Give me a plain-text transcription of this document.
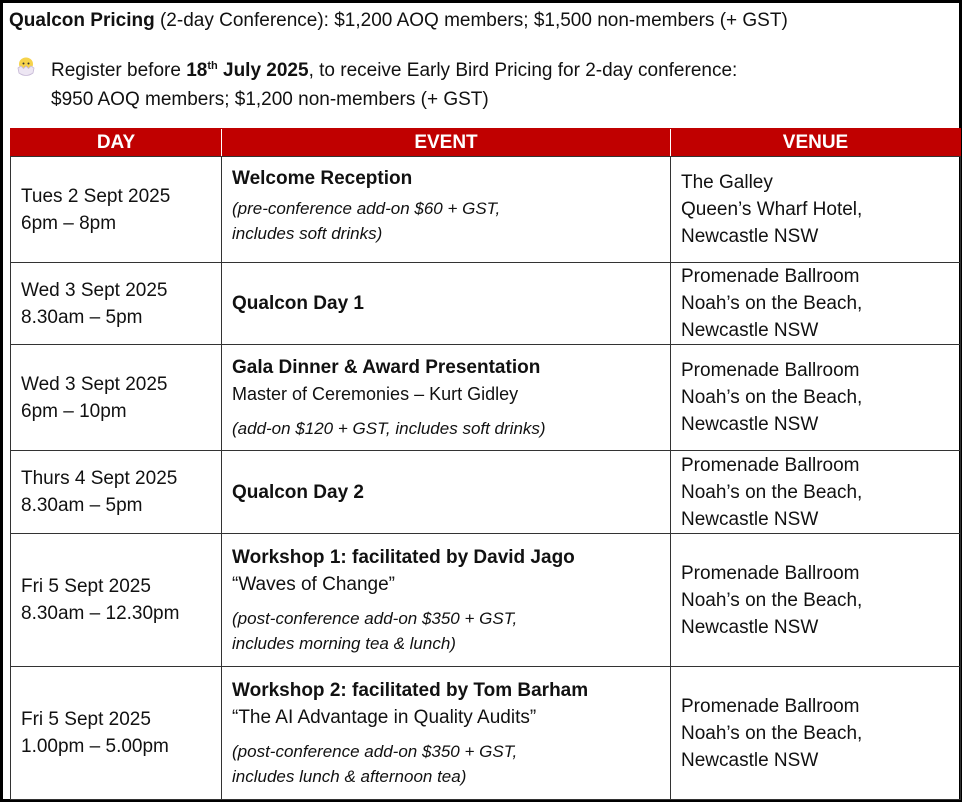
Qualcon Pricing (2-day Conference): $1,200 AOQ members; $1,500 non-members (+ GST)
Register before 18th July 2025, to receive Early Bird Pricing for 2-day conference:
$950 AOQ members; $1,200 non-members (+ GST)
DAY	EVENT	VENUE

Tues 2 Sept 2025
6pm – 8pm	Welcome Reception
(pre-conference add-on $60 + GST,
includes soft drinks)	The Galley
Queen’s Wharf Hotel,
Newcastle NSW

Wed 3 Sept 2025
8.30am – 5pm	Qualcon Day 1	Promenade Ballroom
Noah’s on the Beach,
Newcastle NSW

Wed 3 Sept 2025
6pm – 10pm	Gala Dinner & Award Presentation
Master of Ceremonies – Kurt Gidley
(add-on $120 + GST, includes soft drinks)	Promenade Ballroom
Noah’s on the Beach,
Newcastle NSW

Thurs 4 Sept 2025
8.30am – 5pm	Qualcon Day 2	Promenade Ballroom
Noah’s on the Beach,
Newcastle NSW

Fri 5 Sept 2025
8.30am – 12.30pm	Workshop 1: facilitated by David Jago
“Waves of Change”
(post-conference add-on $350 + GST,
includes morning tea & lunch)	Promenade Ballroom
Noah’s on the Beach,
Newcastle NSW

Fri 5 Sept 2025
1.00pm – 5.00pm	Workshop 2: facilitated by Tom Barham
“The AI Advantage in Quality Audits”
(post-conference add-on $350 + GST,
includes lunch & afternoon tea)	Promenade Ballroom
Noah’s on the Beach,
Newcastle NSW
